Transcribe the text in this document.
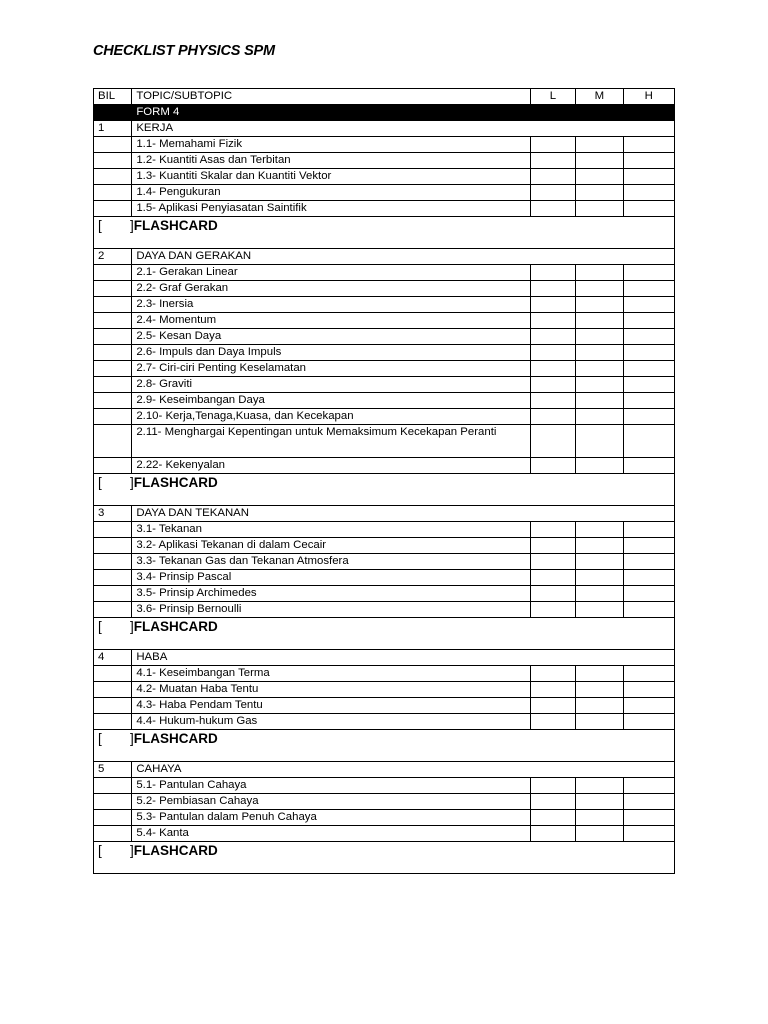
CHECKLIST PHYSICS SPM
BIL	TOPIC/SUBTOPIC	L	M	H
	FORM 4			
1	KERJA			
	1.1- Memahami Fizik			
	1.2- Kuantiti Asas dan Terbitan			
	1.3- Kuantiti Skalar dan Kuantiti Vektor			
	1.4- Pengukuran			
	1.5- Aplikasi Penyiasatan Saintifik			
[ ]FLASHCARD				
2	DAYA DAN GERAKAN			
	2.1- Gerakan Linear			
	2.2- Graf Gerakan			
	2.3- Inersia			
	2.4- Momentum			
	2.5- Kesan Daya			
	2.6- Impuls dan Daya Impuls			
	2.7- Ciri-ciri Penting Keselamatan			
	2.8- Graviti			
	2.9- Keseimbangan Daya			
	2.10- Kerja,Tenaga,Kuasa, dan Kecekapan			
	2.11- Menghargai Kepentingan untuk Memaksimum Kecekapan Peranti			
	2.22- Kekenyalan			
[ ]FLASHCARD				
3	DAYA DAN TEKANAN			
	3.1- Tekanan			
	3.2- Aplikasi Tekanan di dalam Cecair			
	3.3- Tekanan Gas dan Tekanan Atmosfera			
	3.4- Prinsip Pascal			
	3.5- Prinsip Archimedes			
	3.6- Prinsip Bernoulli			
[ ]FLASHCARD				
4	HABA			
	4.1- Keseimbangan Terma			
	4.2- Muatan Haba Tentu			
	4.3- Haba Pendam Tentu			
	4.4- Hukum-hukum Gas			
[ ]FLASHCARD				
5	CAHAYA			
	5.1- Pantulan Cahaya			
	5.2- Pembiasan Cahaya			
	5.3- Pantulan dalam Penuh Cahaya			
	5.4- Kanta			
[ ]FLASHCARD				
